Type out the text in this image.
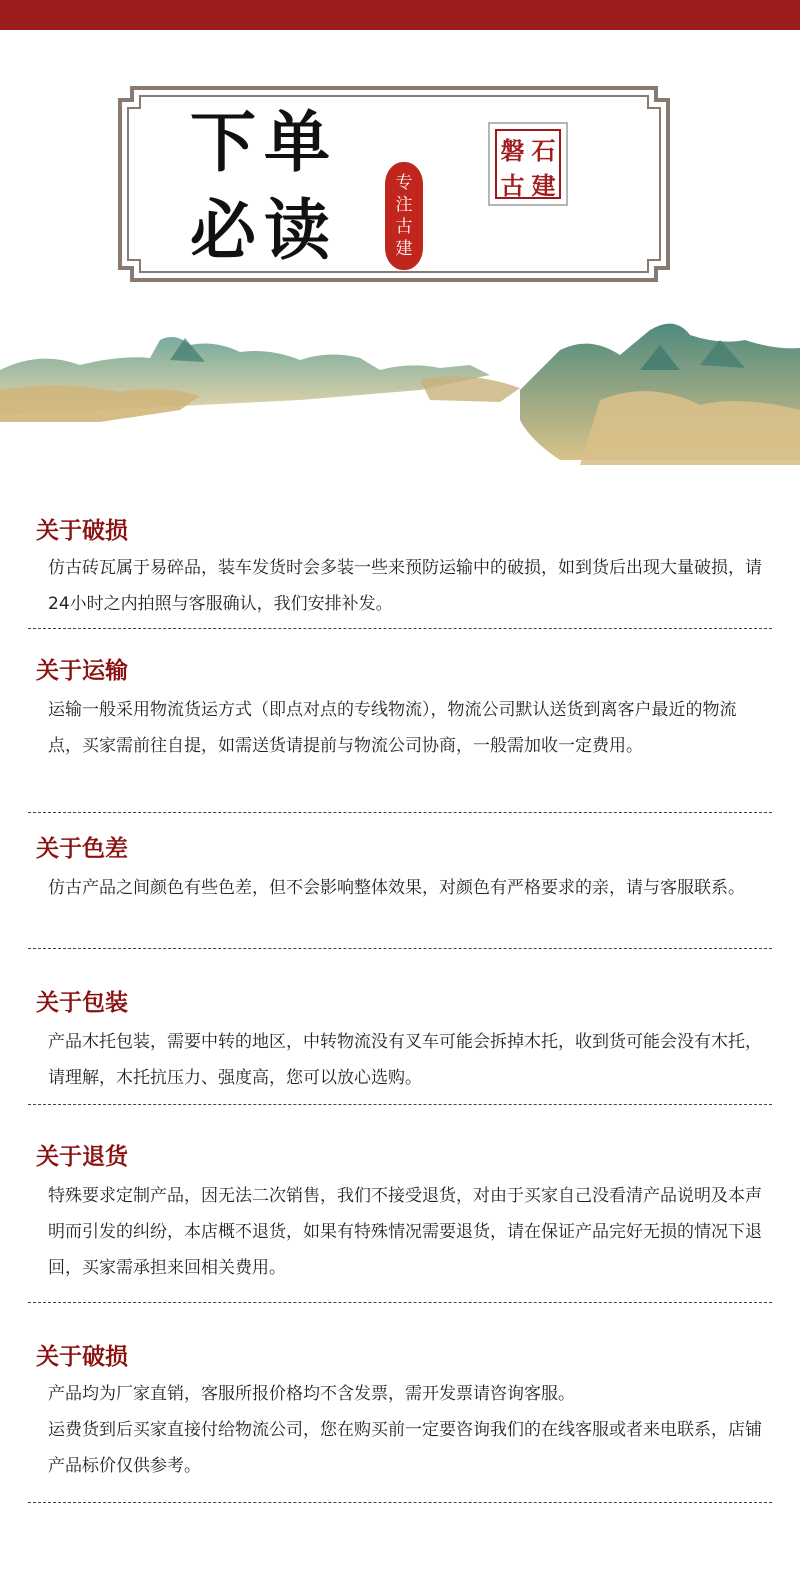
下单
必读
专
注
古
建
磐 石
古 建
关于破损

仿古砖瓦属于易碎品，装车发货时会多装一些来预防运输中的破损，如到货后出现大量破损，请24小时之内拍照与客服确认，我们安排补发。

关于运输

运输一般采用物流货运方式（即点对点的专线物流），物流公司默认送货到离客户最近的物流点，买家需前往自提，如需送货请提前与物流公司协商，一般需加收一定费用。

关于色差

仿古产品之间颜色有些色差，但不会影响整体效果，对颜色有严格要求的亲，请与客服联系。

关于包装

产品木托包装，需要中转的地区，中转物流没有叉车可能会拆掉木托，收到货可能会没有木托，请理解，木托抗压力、强度高，您可以放心选购。

关于退货

特殊要求定制产品，因无法二次销售，我们不接受退货，对由于买家自己没看清产品说明及本声明而引发的纠纷，本店概不退货，如果有特殊情况需要退货，请在保证产品完好无损的情况下退回，买家需承担来回相关费用。

关于破损

产品均为厂家直销，客服所报价格均不含发票，需开发票请咨询客服。

运费货到后买家直接付给物流公司，您在购买前一定要咨询我们的在线客服或者来电联系，店铺产品标价仅供参考。
